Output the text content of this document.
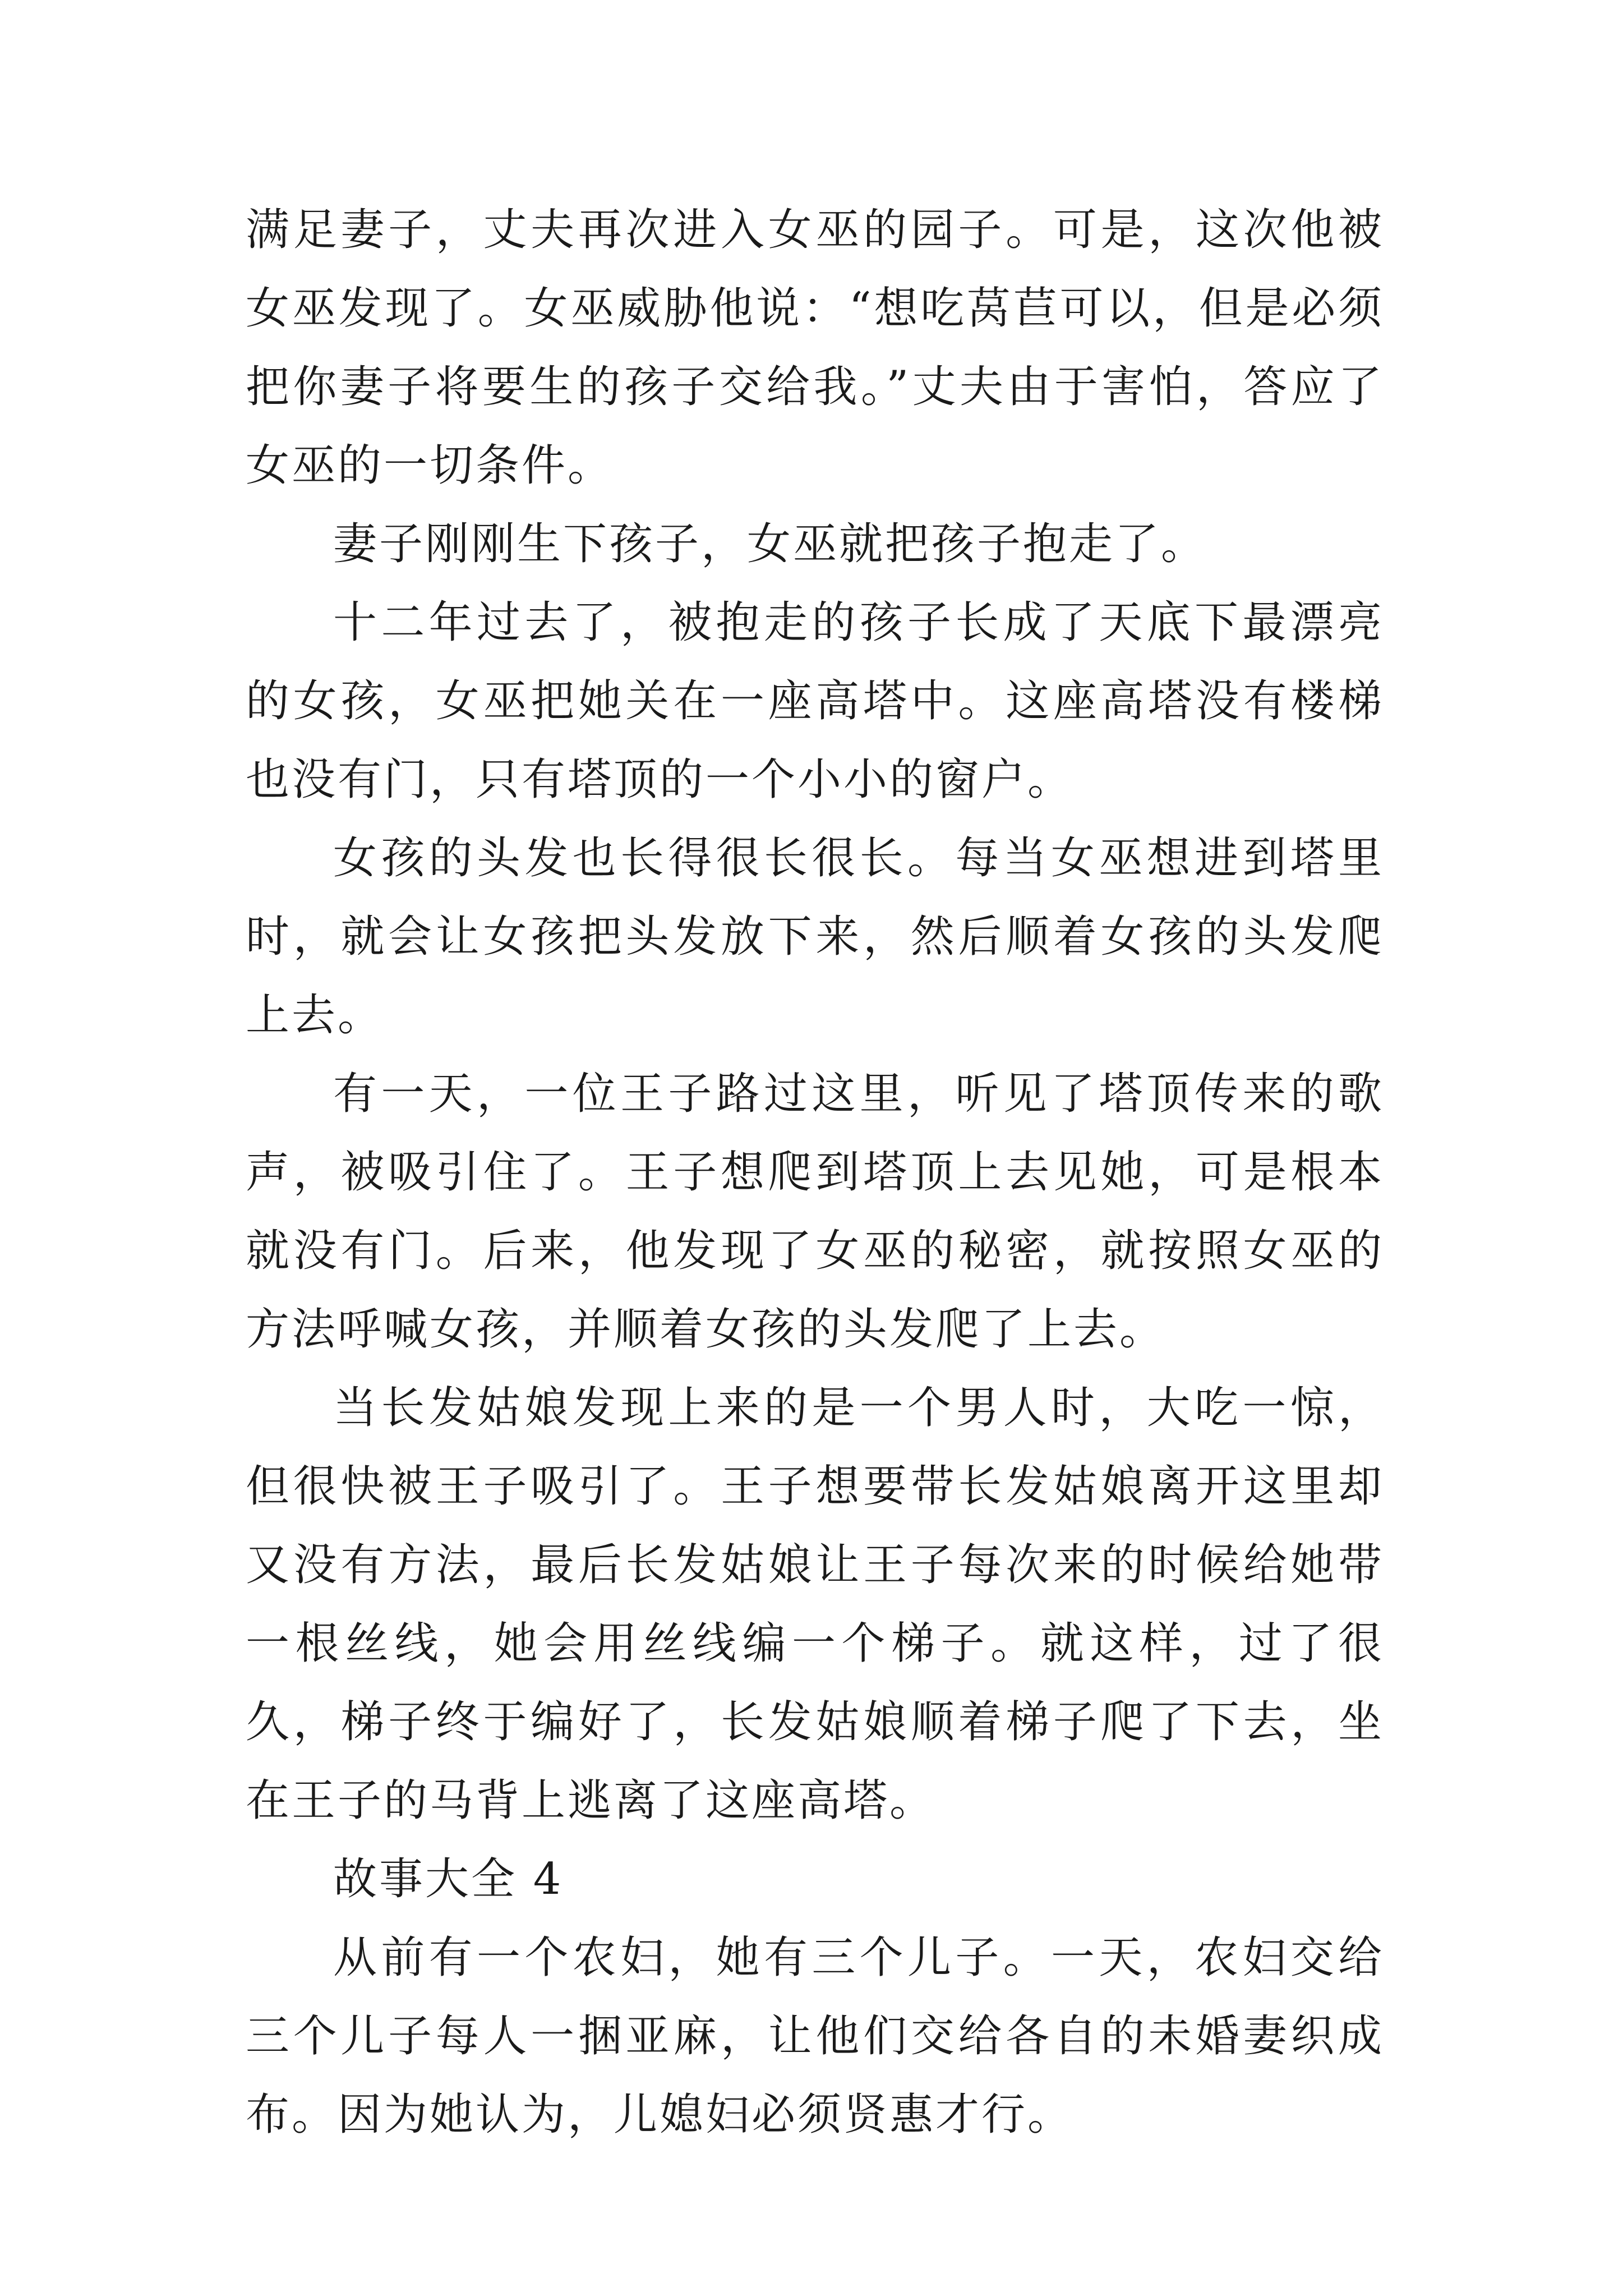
满足妻子，丈夫再次进入女巫的园子。可是，这次他被女巫发现了。女巫威胁他说：“想吃莴苣可以，但是必须把你妻子将要生的孩子交给我。”丈夫由于害怕，答应了女巫的一切条件。

妻子刚刚生下孩子，女巫就把孩子抱走了。

十二年过去了，被抱走的孩子长成了天底下最漂亮的女孩，女巫把她关在一座高塔中。这座高塔没有楼梯也没有门，只有塔顶的一个小小的窗户。

女孩的头发也长得很长很长。每当女巫想进到塔里时，就会让女孩把头发放下来，然后顺着女孩的头发爬上去。

有一天，一位王子路过这里，听见了塔顶传来的歌声，被吸引住了。王子想爬到塔顶上去见她，可是根本就没有门。后来，他发现了女巫的秘密，就按照女巫的方法呼喊女孩，并顺着女孩的头发爬了上去。

当长发姑娘发现上来的是一个男人时，大吃一惊，但很快被王子吸引了。王子想要带长发姑娘离开这里却又没有方法，最后长发姑娘让王子每次来的时候给她带一根丝线，她会用丝线编一个梯子。就这样，过了很久，梯子终于编好了，长发姑娘顺着梯子爬了下去，坐在王子的马背上逃离了这座高塔。

故事大全 4

从前有一个农妇，她有三个儿子。一天，农妇交给三个儿子每人一捆亚麻，让他们交给各自的未婚妻织成布。因为她认为，儿媳妇必须贤惠才行。
